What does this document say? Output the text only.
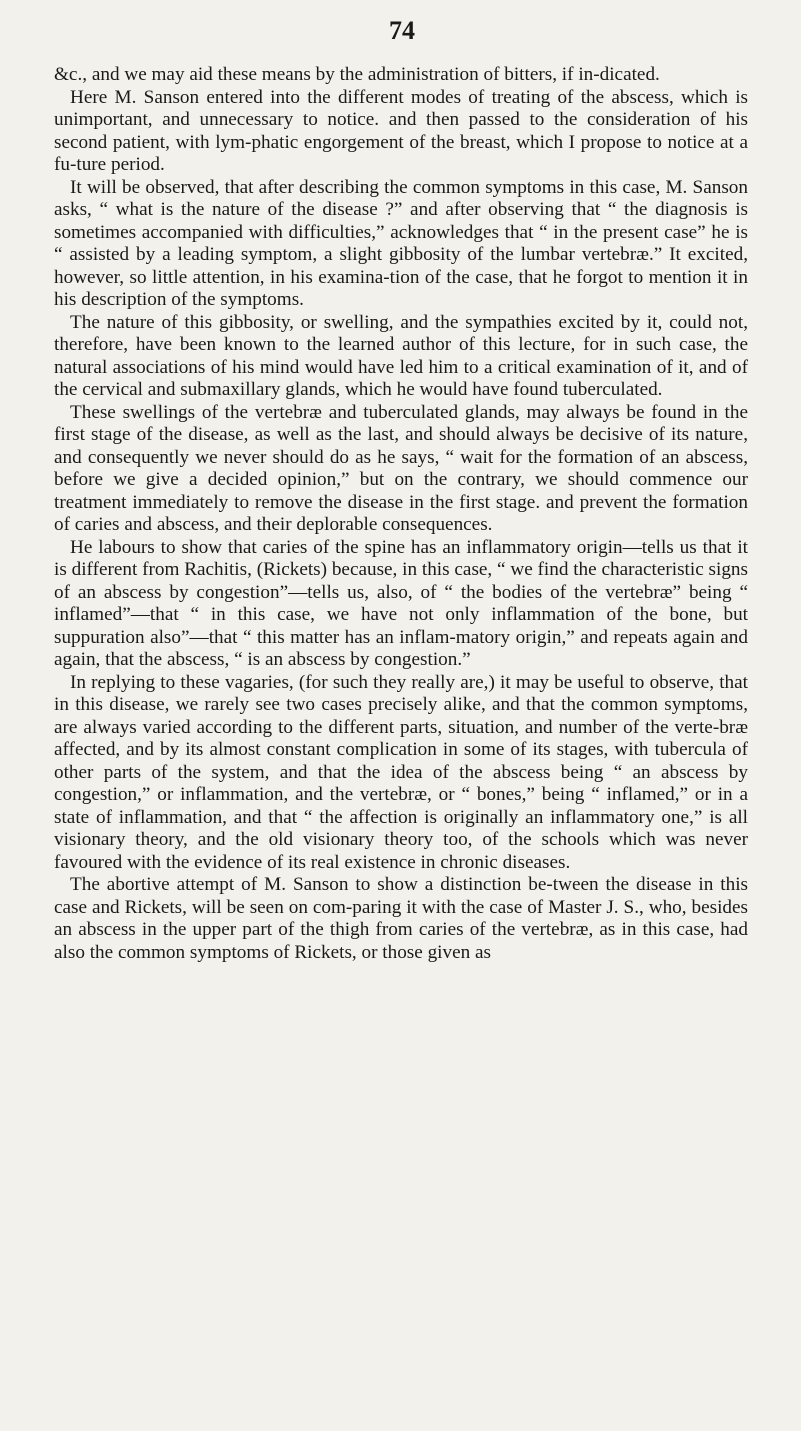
74

&c., and we may aid these means by the administration of bitters, if in-dicated.

Here M. Sanson entered into the different modes of treating of the abscess, which is unimportant, and unnecessary to notice. and then passed to the consideration of his second patient, with lym-phatic engorgement of the breast, which I propose to notice at a fu-ture period.

It will be observed, that after describing the common symptoms in this case, M. Sanson asks, “ what is the nature of the disease ?” and after observing that “ the diagnosis is sometimes accompanied with difficulties,” acknowledges that “ in the present case” he is “ assisted by a leading symptom, a slight gibbosity of the lumbar vertebræ.” It excited, however, so little attention, in his examina-tion of the case, that he forgot to mention it in his description of the symptoms.

The nature of this gibbosity, or swelling, and the sympathies excited by it, could not, therefore, have been known to the learned author of this lecture, for in such case, the natural associations of his mind would have led him to a critical examination of it, and of the cervical and submaxillary glands, which he would have found tuberculated.

These swellings of the vertebræ and tuberculated glands, may always be found in the first stage of the disease, as well as the last, and should always be decisive of its nature, and consequently we never should do as he says, “ wait for the formation of an abscess, before we give a decided opinion,” but on the contrary, we should commence our treatment immediately to remove the disease in the first stage. and prevent the formation of caries and abscess, and their deplorable consequences.

He labours to show that caries of the spine has an inflammatory origin—tells us that it is different from Rachitis, (Rickets) because, in this case, “ we find the characteristic signs of an abscess by congestion”—tells us, also, of “ the bodies of the vertebræ” being “ inflamed”—that “ in this case, we have not only inflammation of the bone, but suppuration also”—that “ this matter has an inflam-matory origin,” and repeats again and again, that the abscess, “ is an abscess by congestion.”

In replying to these vagaries, (for such they really are,) it may be useful to observe, that in this disease, we rarely see two cases precisely alike, and that the common symptoms, are always varied according to the different parts, situation, and number of the verte-bræ affected, and by its almost constant complication in some of its stages, with tubercula of other parts of the system, and that the idea of the abscess being “ an abscess by congestion,” or inflammation, and the vertebræ, or “ bones,” being “ inflamed,” or in a state of inflammation, and that “ the affection is originally an inflammatory one,” is all visionary theory, and the old visionary theory too, of the schools which was never favoured with the evidence of its real existence in chronic diseases.

The abortive attempt of M. Sanson to show a distinction be-tween the disease in this case and Rickets, will be seen on com-paring it with the case of Master J. S., who, besides an abscess in the upper part of the thigh from caries of the vertebræ, as in this case, had also the common symptoms of Rickets, or those given as
